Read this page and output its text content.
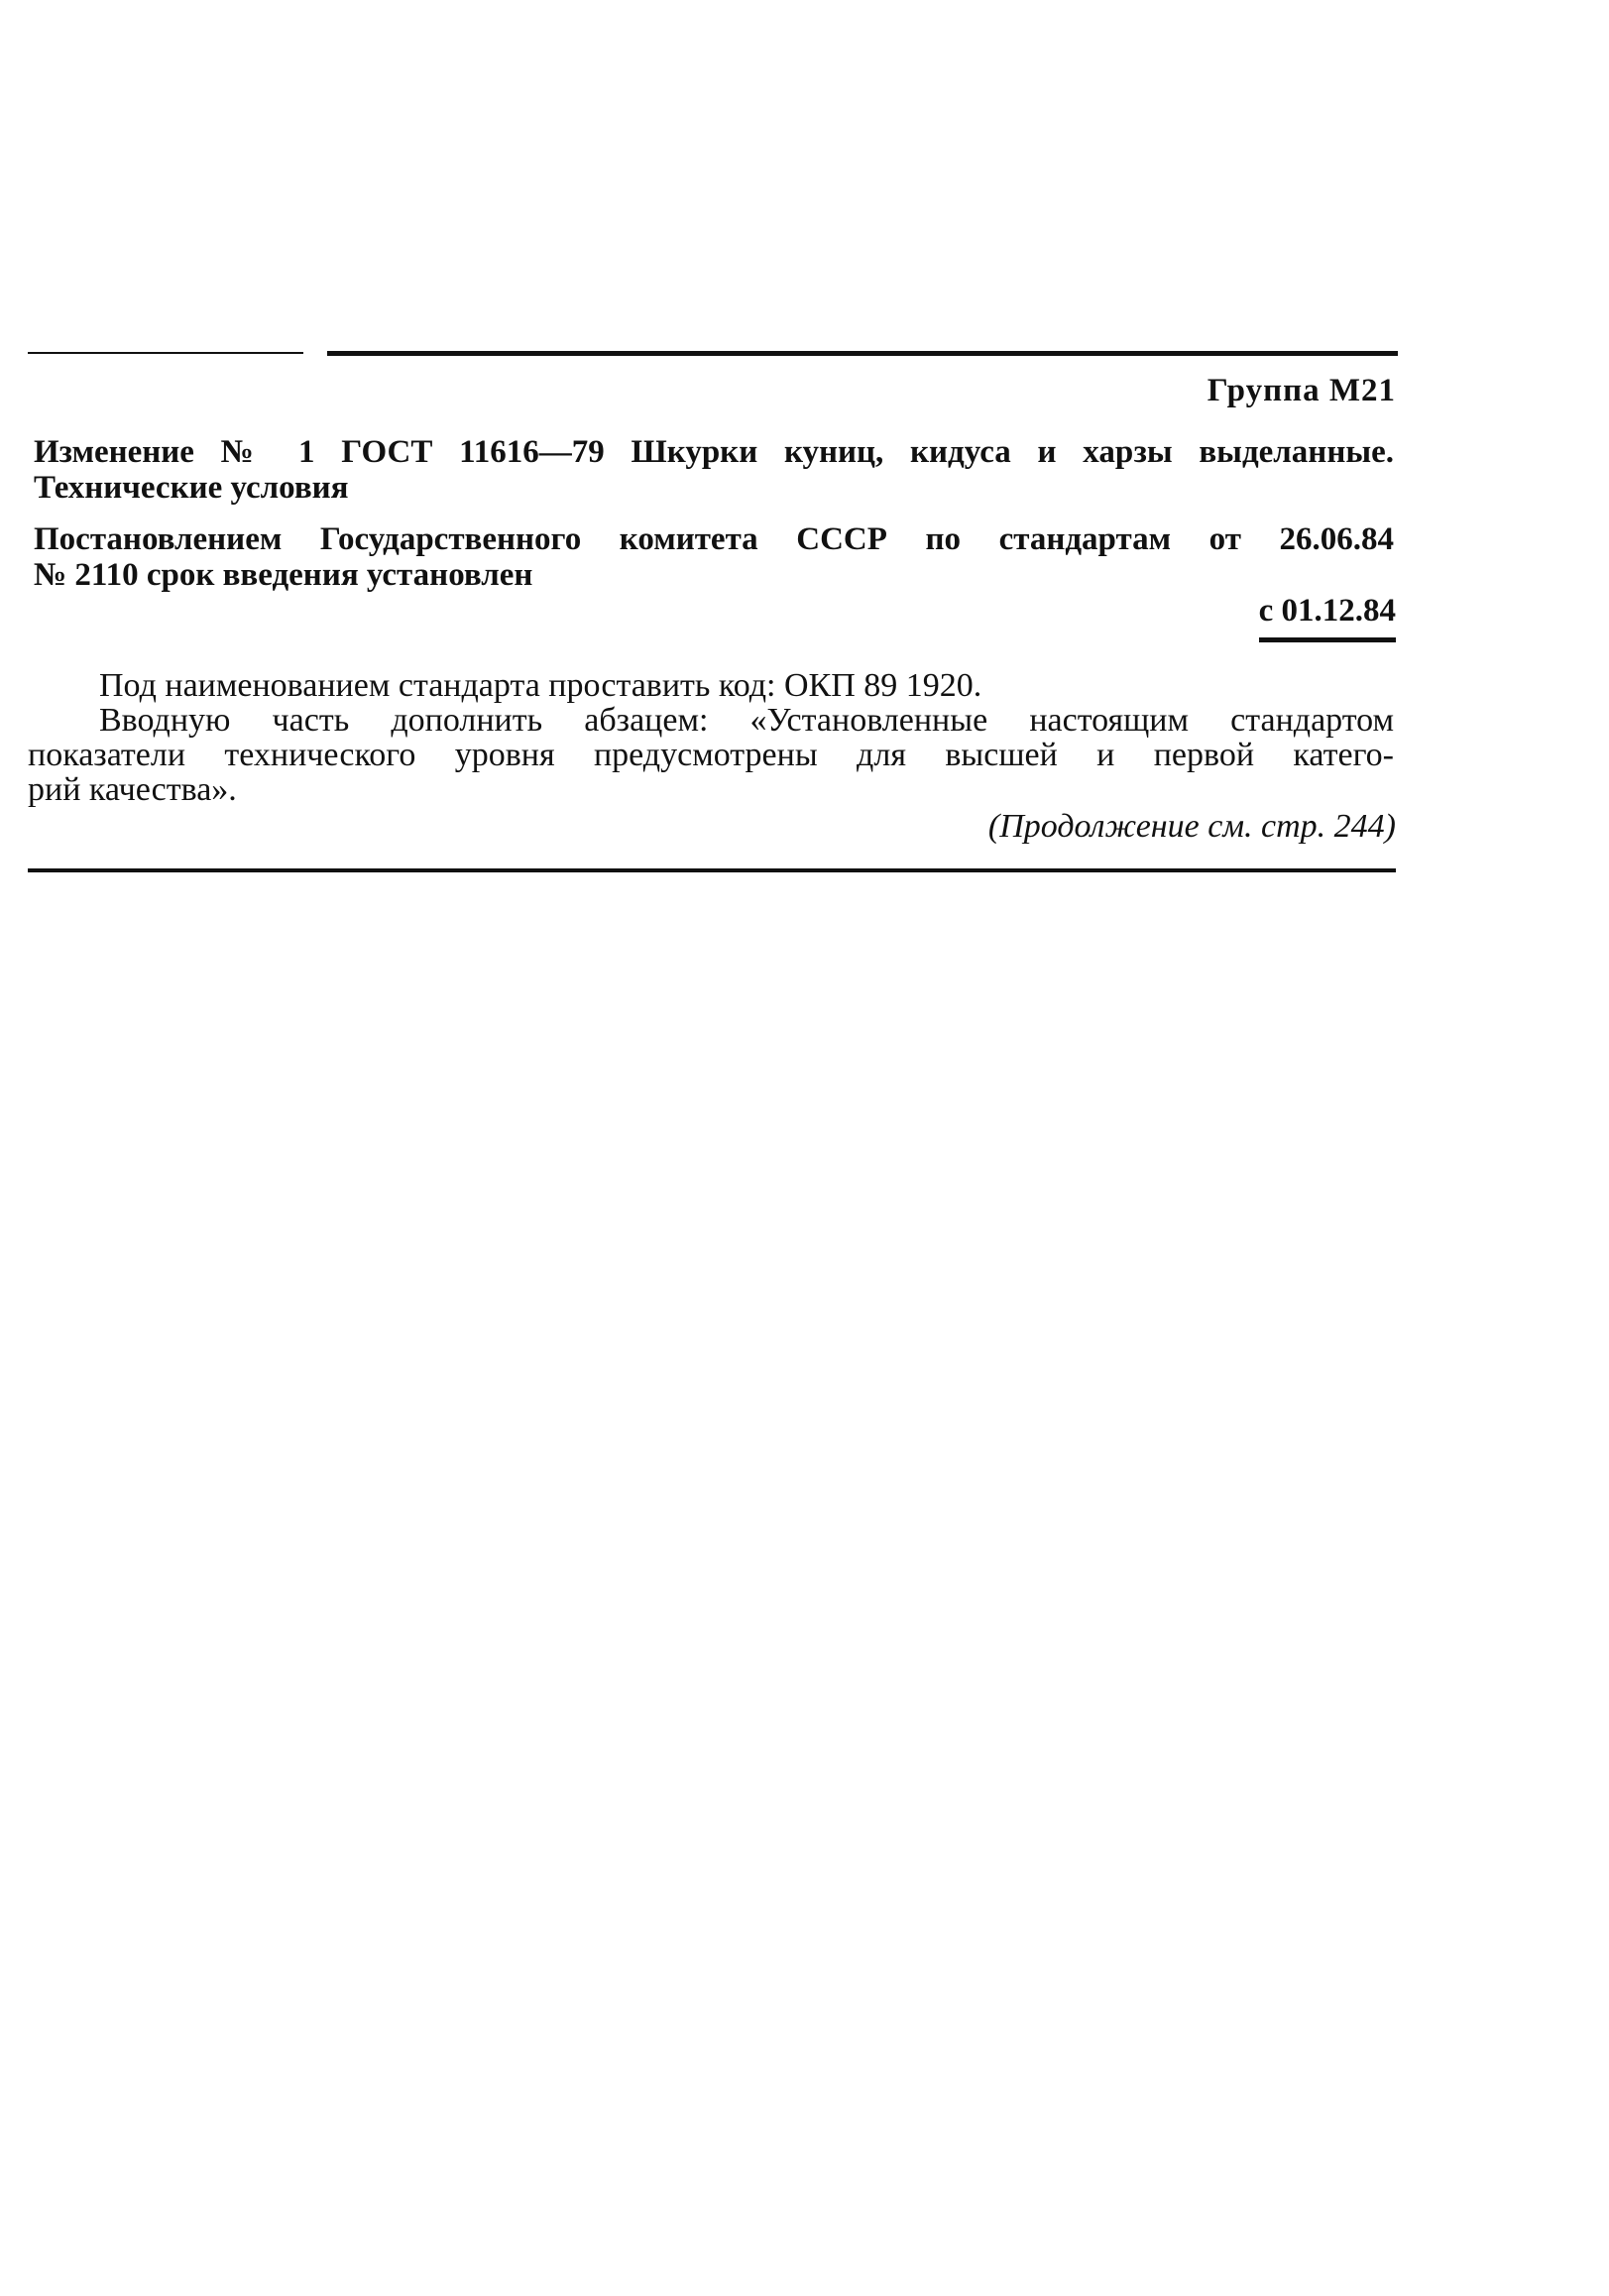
Группа М21
Изменение № 1 ГОСТ 11616—79 Шкурки куниц, кидуса и харзы выделанные.
Технические условия
Постановлением Государственного комитета СССР по стандартам от 26.06.84
№ 2110 срок введения установлен
с 01.12.84

Под наименованием стандарта проставить код: ОКП 89 1920.

Вводную часть дополнить абзацем: «Установленные настоящим стандартом
показатели технического уровня предусмотрены для высшей и первой катего-
рий качества».

(Продолжение см. стр. 244)
